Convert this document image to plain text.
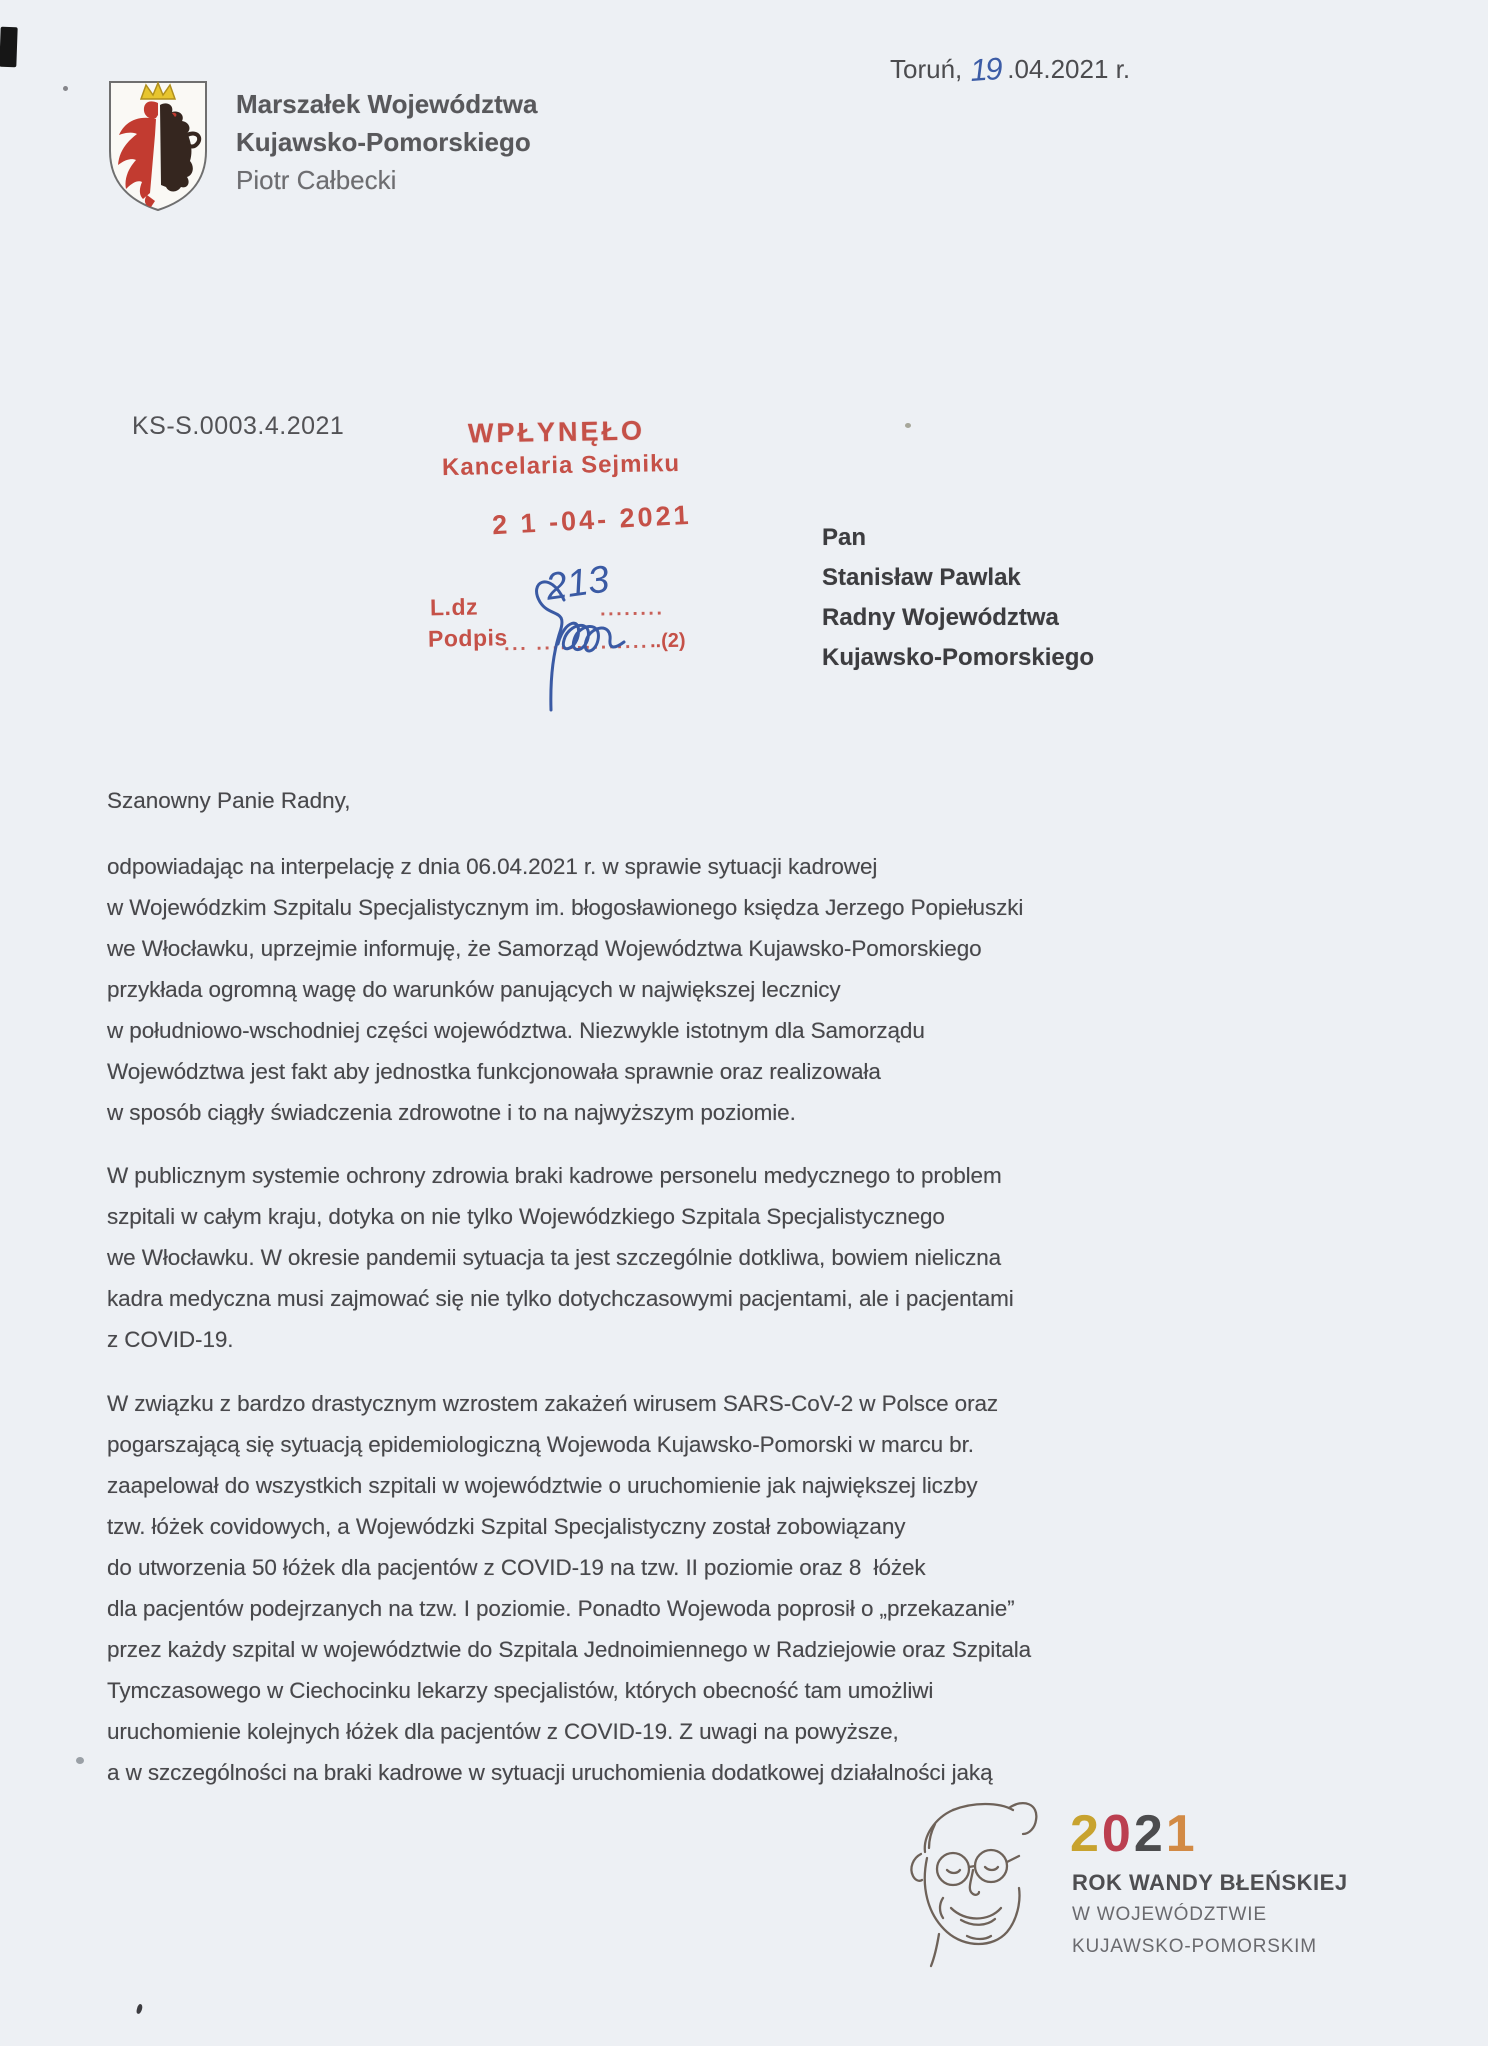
Marszałek Województwa
Kujawsko-Pomorskiego
Piotr Całbecki
Toruń, 19 .04.2021 r.
KS-S.0003.4.2021	WPŁYNĘŁO
Kancelaria Sejmiku
2 1 -04- 2021
L.dz	........
Podpis
... .............. ..(2)
213
Pan
Stanisław Pawlak
Radny Województwa
Kujawsko-Pomorskiego
Szanowny Panie Radny,
odpowiadając na interpelację z dnia 06.04.2021 r. w sprawie sytuacji kadrowej
w Wojewódzkim Szpitalu Specjalistycznym im. błogosławionego księdza Jerzego Popiełuszki
we Włocławku, uprzejmie informuję, że Samorząd Województwa Kujawsko-Pomorskiego
przykłada ogromną wagę do warunków panujących w największej lecznicy
w południowo-wschodniej części województwa. Niezwykle istotnym dla Samorządu
Województwa jest fakt aby jednostka funkcjonowała sprawnie oraz realizowała
w sposób ciągły świadczenia zdrowotne i to na najwyższym poziomie.
W publicznym systemie ochrony zdrowia braki kadrowe personelu medycznego to problem
szpitali w całym kraju, dotyka on nie tylko Wojewódzkiego Szpitala Specjalistycznego
we Włocławku. W okresie pandemii sytuacja ta jest szczególnie dotkliwa, bowiem nieliczna
kadra medyczna musi zajmować się nie tylko dotychczasowymi pacjentami, ale i pacjentami
z COVID-19.
W związku z bardzo drastycznym wzrostem zakażeń wirusem SARS-CoV-2 w Polsce oraz
pogarszającą się sytuacją epidemiologiczną Wojewoda Kujawsko-Pomorski w marcu br.
zaapelował do wszystkich szpitali w województwie o uruchomienie jak największej liczby
tzw. łóżek covidowych, a Wojewódzki Szpital Specjalistyczny został zobowiązany
do utworzenia 50 łóżek dla pacjentów z COVID-19 na tzw. II poziomie oraz 8  łóżek
dla pacjentów podejrzanych na tzw. I poziomie. Ponadto Wojewoda poprosił o „przekazanie”
przez każdy szpital w województwie do Szpitala Jednoimiennego w Radziejowie oraz Szpitala
Tymczasowego w Ciechocinku lekarzy specjalistów, których obecność tam umożliwi
uruchomienie kolejnych łóżek dla pacjentów z COVID-19. Z uwagi na powyższe,
a w szczególności na braki kadrowe w sytuacji uruchomienia dodatkowej działalności jaką
2021
ROK WANDY BŁEŃSKIEJ
W WOJEWÓDZTWIE
KUJAWSKO-POMORSKIM
